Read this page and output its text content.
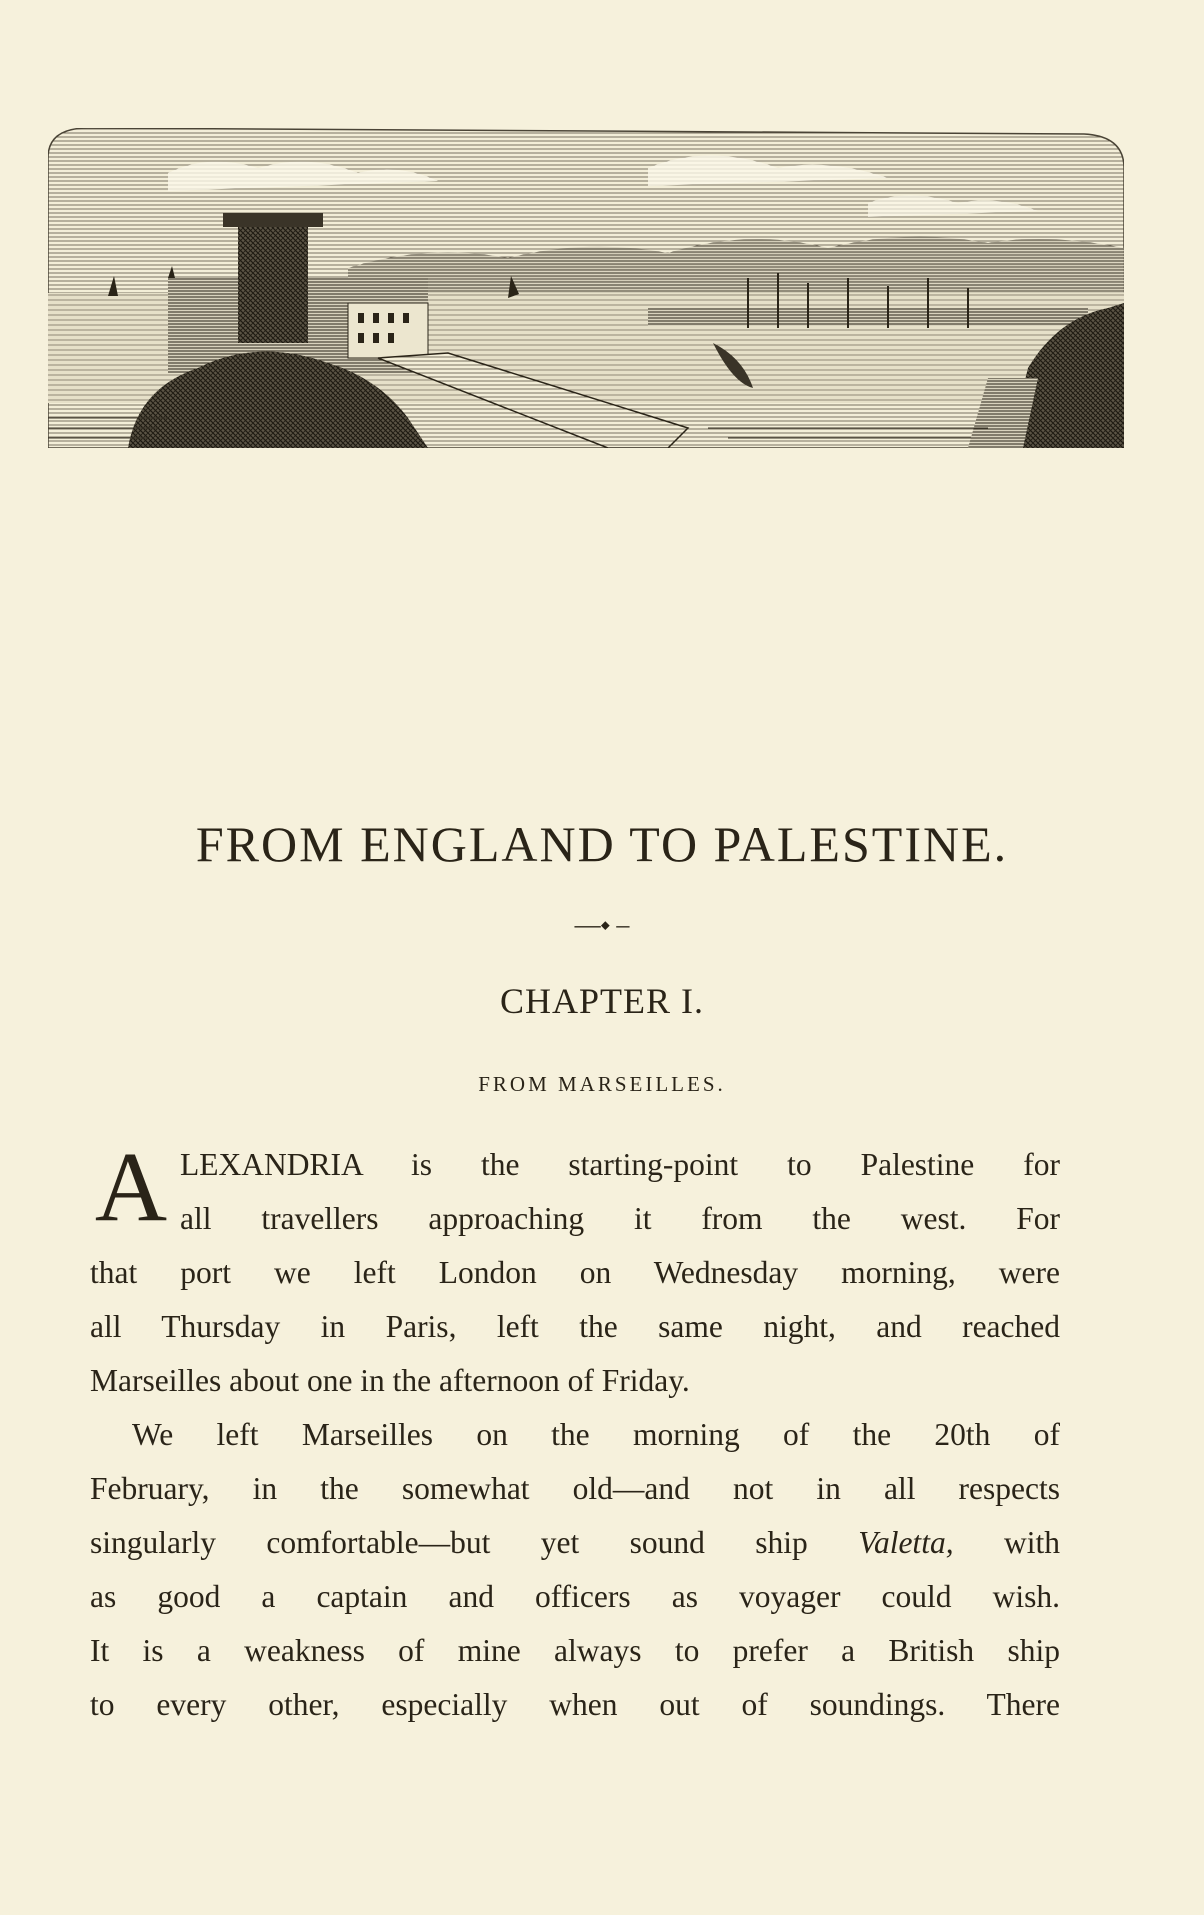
FROM ENGLAND TO PALESTINE.
—⬩ –
CHAPTER I.
FROM MARSEILLES.
A LEXANDRIA is the starting-point to Palestine for
all travellers approaching it from the west. For
that port we left London on Wednesday morning, were
all Thursday in Paris, left the same night, and reached
Marseilles about one in the afternoon of Friday.
We left Marseilles on the morning of the 20th of
February, in the somewhat old—and not in all respects
singularly comfortable—but yet sound ship Valetta, with
as good a captain and officers as voyager could wish.
It is a weakness of mine always to prefer a British ship
to every other, especially when out of soundings. There
